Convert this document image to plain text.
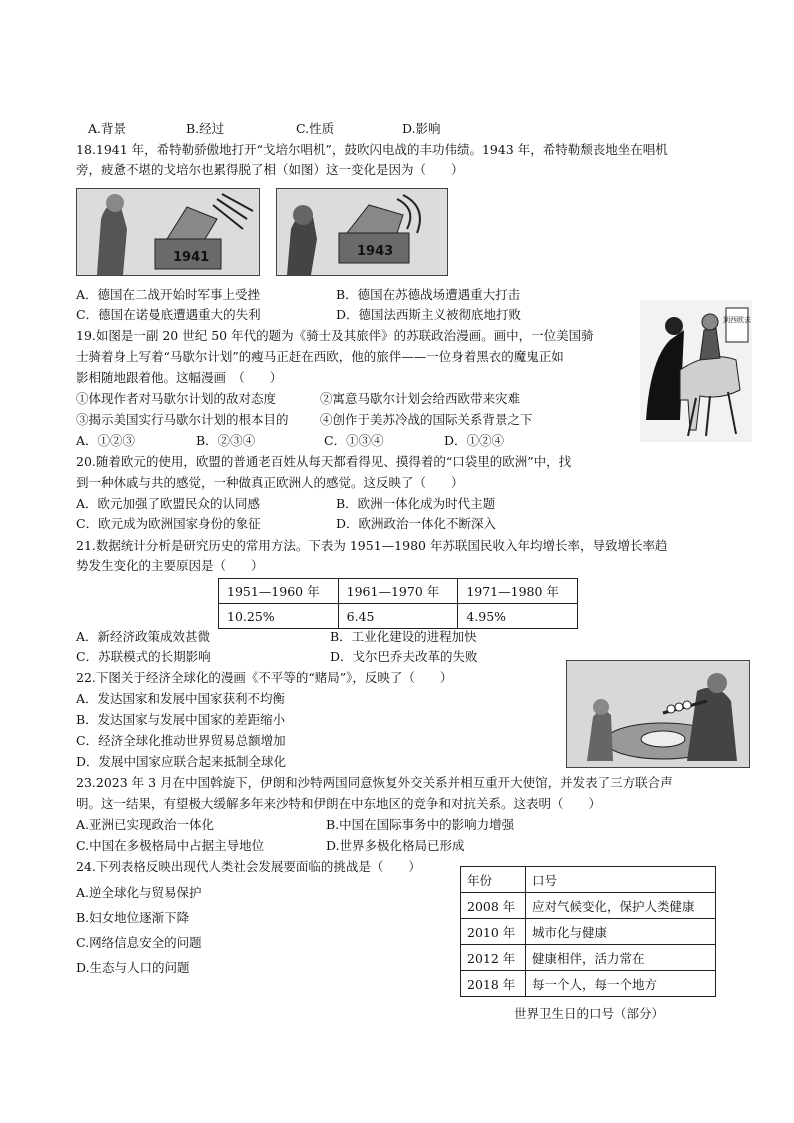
A.背景	B.经过	C.性质	D.影响
18.1941 年，希特勒骄傲地打开“戈培尔唱机”，鼓吹闪电战的丰功伟绩。1943 年，希特勒颓丧地坐在唱机
旁，疲惫不堪的戈培尔也累得脱了相（如图）这一变化是因为（　　）
1941	1943
A．德国在二战开始时军事上受挫	B．德国在苏德战场遭遇重大打击
C．德国在诺曼底遭遇重大的失利	D．德国法西斯主义被彻底地打败
19.如图是一副 20 世纪 50 年代的题为《骑士及其旅伴》的苏联政治漫画。画中，一位美国骑
士骑着身上写着“马歇尔计划”的瘦马正赶在西欧，他的旅伴——一位身着黑衣的魔鬼正如
影相随地跟着他。这幅漫画　（　　）
①体现作者对马歇尔计划的敌对态度	②寓意马歇尔计划会给西欧带来灾难
③揭示美国实行马歇尔计划的根本目的	④创作于美苏冷战的国际关系背景之下
A．①②③	B．②③④	C．①③④	D．①②④
到西欧去
20.随着欧元的使用，欧盟的普通老百姓从每天都看得见、摸得着的“口袋里的欧洲”中，找
到一种休戚与共的感觉，一种做真正欧洲人的感觉。这反映了（　　）
A．欧元加强了欧盟民众的认同感	B．欧洲一体化成为时代主题
C．欧元成为欧洲国家身份的象征	D．欧洲政治一体化不断深入
21.数据统计分析是研究历史的常用方法。下表为 1951—1980 年苏联国民收入年均增长率，导致增长率趋
势发生变化的主要原因是（　　）
1951—1960 年	1961—1970 年	1971—1980 年
10.25%	6.45	4.95%
A．新经济政策成效甚微	B．工业化建设的进程加快
C．苏联模式的长期影响	D．戈尔巴乔夫改革的失败
22.下图关于经济全球化的漫画《不平等的“赌局”》，反映了（　　）
A．发达国家和发展中国家获利不均衡
B．发达国家与发展中国家的差距缩小
C．经济全球化推动世界贸易总额增加
D．发展中国家应联合起来抵制全球化
23.2023 年 3 月在中国斡旋下，伊朗和沙特两国同意恢复外交关系并相互重开大使馆，并发表了三方联合声
明。这一结果，有望极大缓解多年来沙特和伊朗在中东地区的竞争和对抗关系。这表明（　　）
A.亚洲已实现政治一体化	B.中国在国际事务中的影响力增强
C.中国在多极格局中占据主导地位	D.世界多极化格局已形成
24.下列表格反映出现代人类社会发展要面临的挑战是（　　）
A.逆全球化与贸易保护
B.妇女地位逐渐下降
C.网络信息安全的问题
D.生态与人口的问题
年份	口号
2008 年	应对气候变化，保护人类健康
2010 年	城市化与健康
2012 年	健康相伴，活力常在
2018 年	每一个人，每一个地方
世界卫生日的口号（部分）
